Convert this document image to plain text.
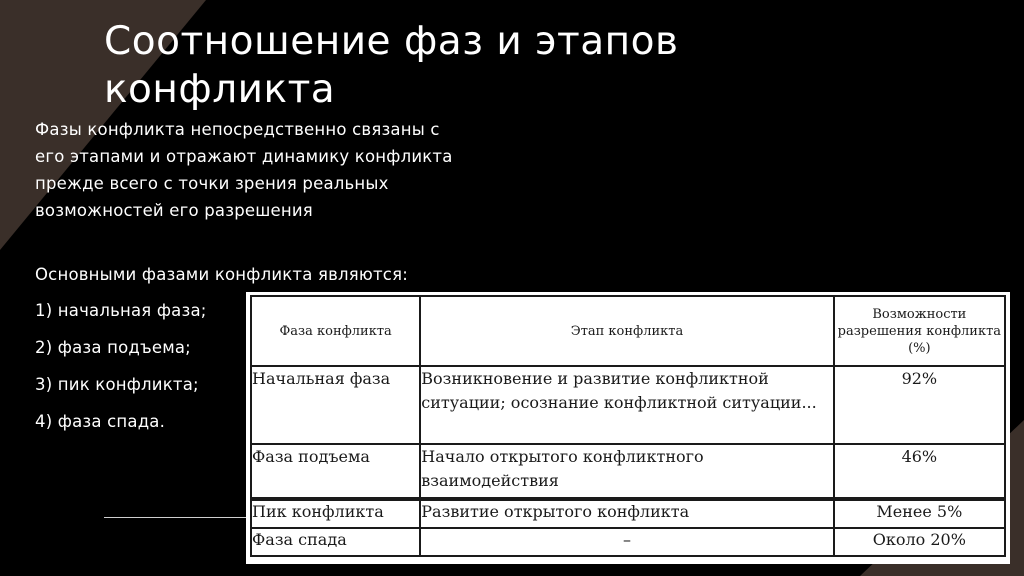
Соотношение фаз и этапов конфликта
Фазы конфликта непосредственно связаны с его этапами и отражают динамику конфликта прежде всего с точки зрения реальных возможностей его разрешения
Основными фазами конфликта являются:
1) начальная фаза;
2) фаза подъема;
3) пик конфликта;
4) фаза спада.
Фаза конфликта	Этап конфликта	Возможности разрешения конфликта (%)
Начальная фаза	Возникновение и развитие конфликтной ситуации; осознание конфликтной ситуации...	92%
Фаза подъема	Начало открытого конфликтного взаимодействия	46%
Пик конфликта	Развитие открытого конфликта	Менее 5%
Фаза спада	–	Около 20%
